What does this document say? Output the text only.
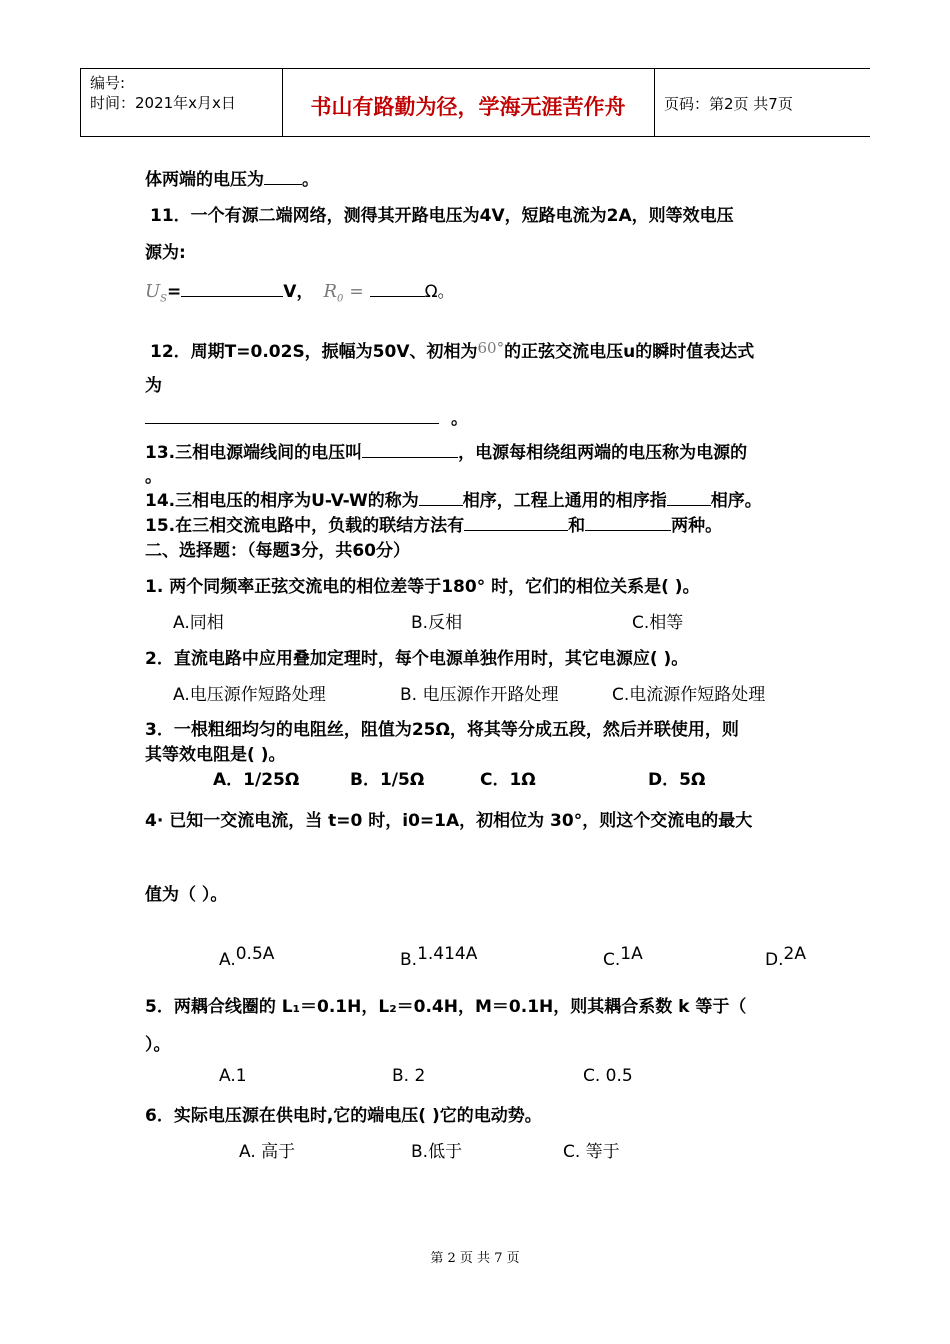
编号:
时间：2021年x月x日	书山有路勤为径，学海无涯苦作舟	页码：第2页 共7页
体两端的电压为 。
11．一个有源二端网络，测得其开路电压为4V，短路电流为2A，则等效电压
源为:
$U_S=$	V， $R_0$ =	Ω。
12．周期T=0.02S，振幅为50V、初相为60°的正弦交流电压u的瞬时值表达式
为
。
13.三相电源端线间的电压叫	，电源每相绕组两端的电压称为电源的
。
14.三相电压的相序为U-V-W的称为	相序，工程上通用的相序指	相序。
15.在三相交流电路中，负载的联结方法有	和	两种。
二、选择题：（每题3分，共60分）
1. 两个同频率正弦交流电的相位差等于180° 时，它们的相位关系是( )。
A.同相	B.反相	C.相等
2．直流电路中应用叠加定理时，每个电源单独作用时，其它电源应( )。
A.电压源作短路处理	B. 电压源作开路处理	C.电流源作短路处理
3．一根粗细均匀的电阻丝，阻值为25Ω，将其等分成五段，然后并联使用，则
其等效电阻是( )。
A．1/25Ω	B．1/5Ω	C．1Ω	D．5Ω
4· 已知一交流电流，当 t=0 时，i0=1A，初相位为 30°，则这个交流电的最大
值为（ ）。
A.0.5A	B.1.414A	C.1A	D.2A
5．两耦合线圈的 L₁＝0.1H，L₂＝0.4H，M＝0.1H，则其耦合系数 k 等于（
）。
A.1	B. 2	C. 0.5
6．实际电压源在供电时,它的端电压( )它的电动势。
A. 高于	B.低于	C. 等于
第 2 页 共 7 页
